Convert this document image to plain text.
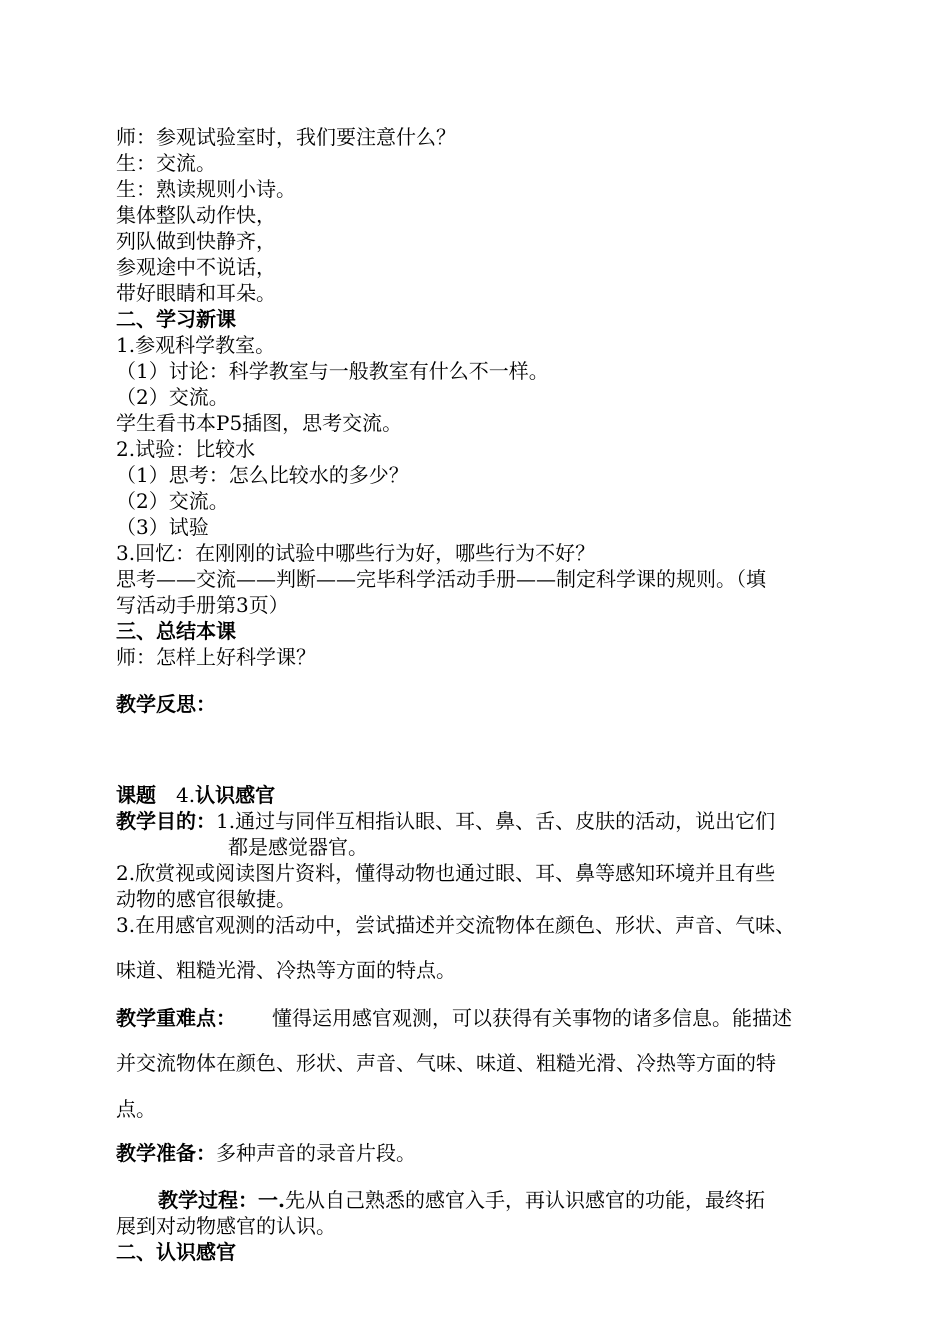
师：参观试验室时，我们要注意什么？
生：交流。
生：熟读规则小诗。
集体整队动作快，
列队做到快静齐，
参观途中不说话，
带好眼睛和耳朵。
二、学习新课
1.参观科学教室。
（1）讨论：科学教室与一般教室有什么不一样。
（2）交流。
学生看书本P5插图，思考交流。
2.试验：比较水
（1）思考：怎么比较水的多少？
（2）交流。
（3）试验
3.回忆：在刚刚的试验中哪些行为好，哪些行为不好？
思考——交流——判断——完毕科学活动手册——制定科学课的规则。（填
写活动手册第3页）
三、总结本课
师：怎样上好科学课？
教学反思：
课题 4.认识感官
教学目的：1.通过与同伴互相指认眼、耳、鼻、舌、皮肤的活动，说出它们
都是感觉器官。
2.欣赏视或阅读图片资料，懂得动物也通过眼、耳、鼻等感知环境并且有些
动物的感官很敏捷。
3.在用感官观测的活动中，尝试描述并交流物体在颜色、形状、声音、气味、
味道、粗糙光滑、冷热等方面的特点。
教学重难点： 懂得运用感官观测，可以获得有关事物的诸多信息。能描述
并交流物体在颜色、形状、声音、气味、味道、粗糙光滑、冷热等方面的特
点。
教学准备：多种声音的录音片段。
教学过程：一.先从自己熟悉的感官入手，再认识感官的功能，最终拓
展到对动物感官的认识。
二、认识感官
